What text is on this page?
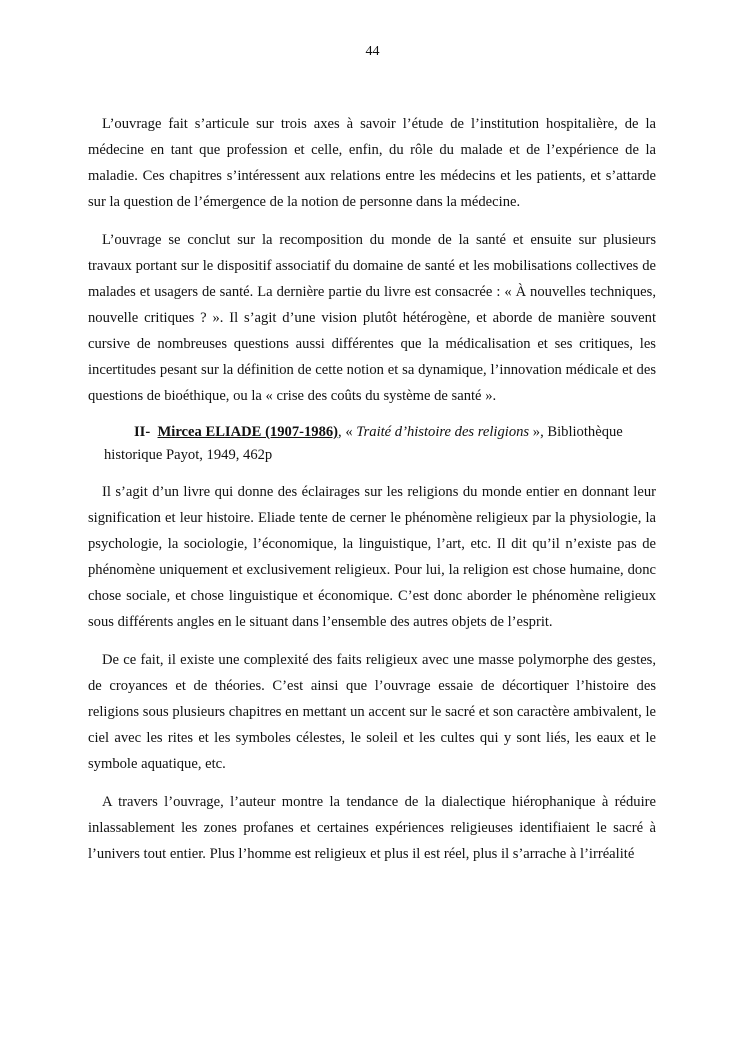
44

L’ouvrage fait s’articule sur trois axes à savoir l’étude de l’institution hospitalière, de la médecine en tant que profession et celle, enfin, du rôle du malade et de l’expérience de la maladie. Ces chapitres s’intéressent aux relations entre les médecins et les patients, et s’attarde sur la question de l’émergence de la notion de personne dans la médecine.

L’ouvrage se conclut sur la recomposition du monde de la santé et ensuite sur plusieurs travaux portant sur le dispositif associatif du domaine de santé et les mobilisations collectives de malades et usagers de santé. La dernière partie du livre est consacrée : « À nouvelles techniques, nouvelle critiques ? ». Il s’agit d’une vision plutôt hétérogène, et aborde de manière souvent cursive de nombreuses questions aussi différentes que la médicalisation et ses critiques, les incertitudes pesant sur la définition de cette notion et sa dynamique, l’innovation médicale et des questions de bioéthique, ou la « crise des coûts du système de santé ».

II- Mircea ELIADE (1907-1986), « Traité d’histoire des religions », Bibliothèque
historique Payot, 1949, 462p

Il s’agit d’un livre qui donne des éclairages sur les religions du monde entier en donnant leur signification et leur histoire. Eliade tente de cerner le phénomène religieux par la physiologie, la psychologie, la sociologie, l’économique, la linguistique, l’art, etc. Il dit qu’il n’existe pas de phénomène uniquement et exclusivement religieux. Pour lui, la religion est chose humaine, donc chose sociale, et chose linguistique et économique. C’est donc aborder le phénomène religieux sous différents angles en le situant dans l’ensemble des autres objets de l’esprit.

De ce fait, il existe une complexité des faits religieux avec une masse polymorphe des gestes, de croyances et de théories. C’est ainsi que l’ouvrage essaie de décortiquer l’histoire des religions sous plusieurs chapitres en mettant un accent sur le sacré et son caractère ambivalent, le ciel avec les rites et les symboles célestes, le soleil et les cultes qui y sont liés, les eaux et le symbole aquatique, etc.

A travers l’ouvrage, l’auteur montre la tendance de la dialectique hiérophanique à réduire inlassablement les zones profanes et certaines expériences religieuses identifiaient le sacré à l’univers tout entier. Plus l’homme est religieux et plus il est réel, plus il s’arrache à l’irréalité
